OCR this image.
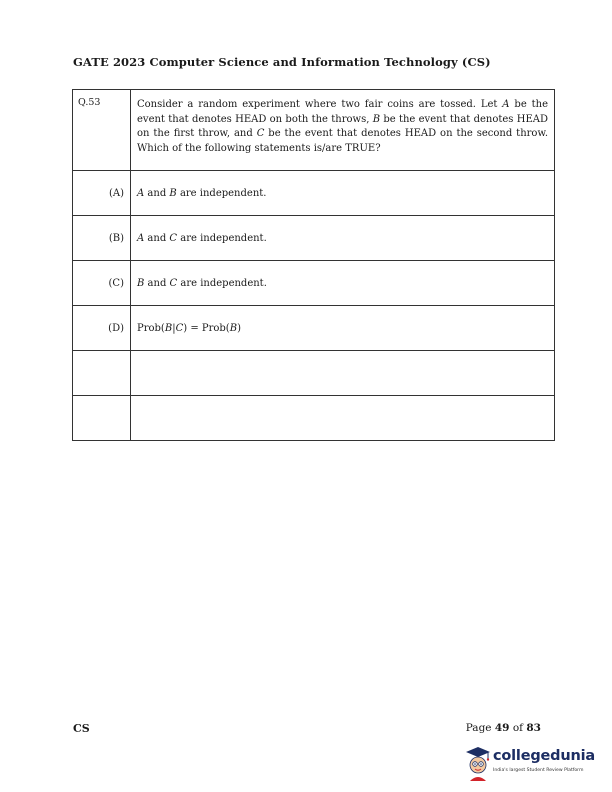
GATE 2023 Computer Science and Information Technology (CS)
Q.53	Consider a random experiment where two fair coins are tossed. Let A be the event that denotes HEAD on both the throws, B be the event that denotes HEAD on the first throw, and C be the event that denotes HEAD on the second throw. Which of the following statements is/are TRUE?
(A)	A and B are independent.
(B)	A and C are independent.
(C)	B and C are independent.
(D)	Prob(B|C) = Prob(B)

CS	Page 49 of 83
collegedunia
India's largest Student Review Platform
